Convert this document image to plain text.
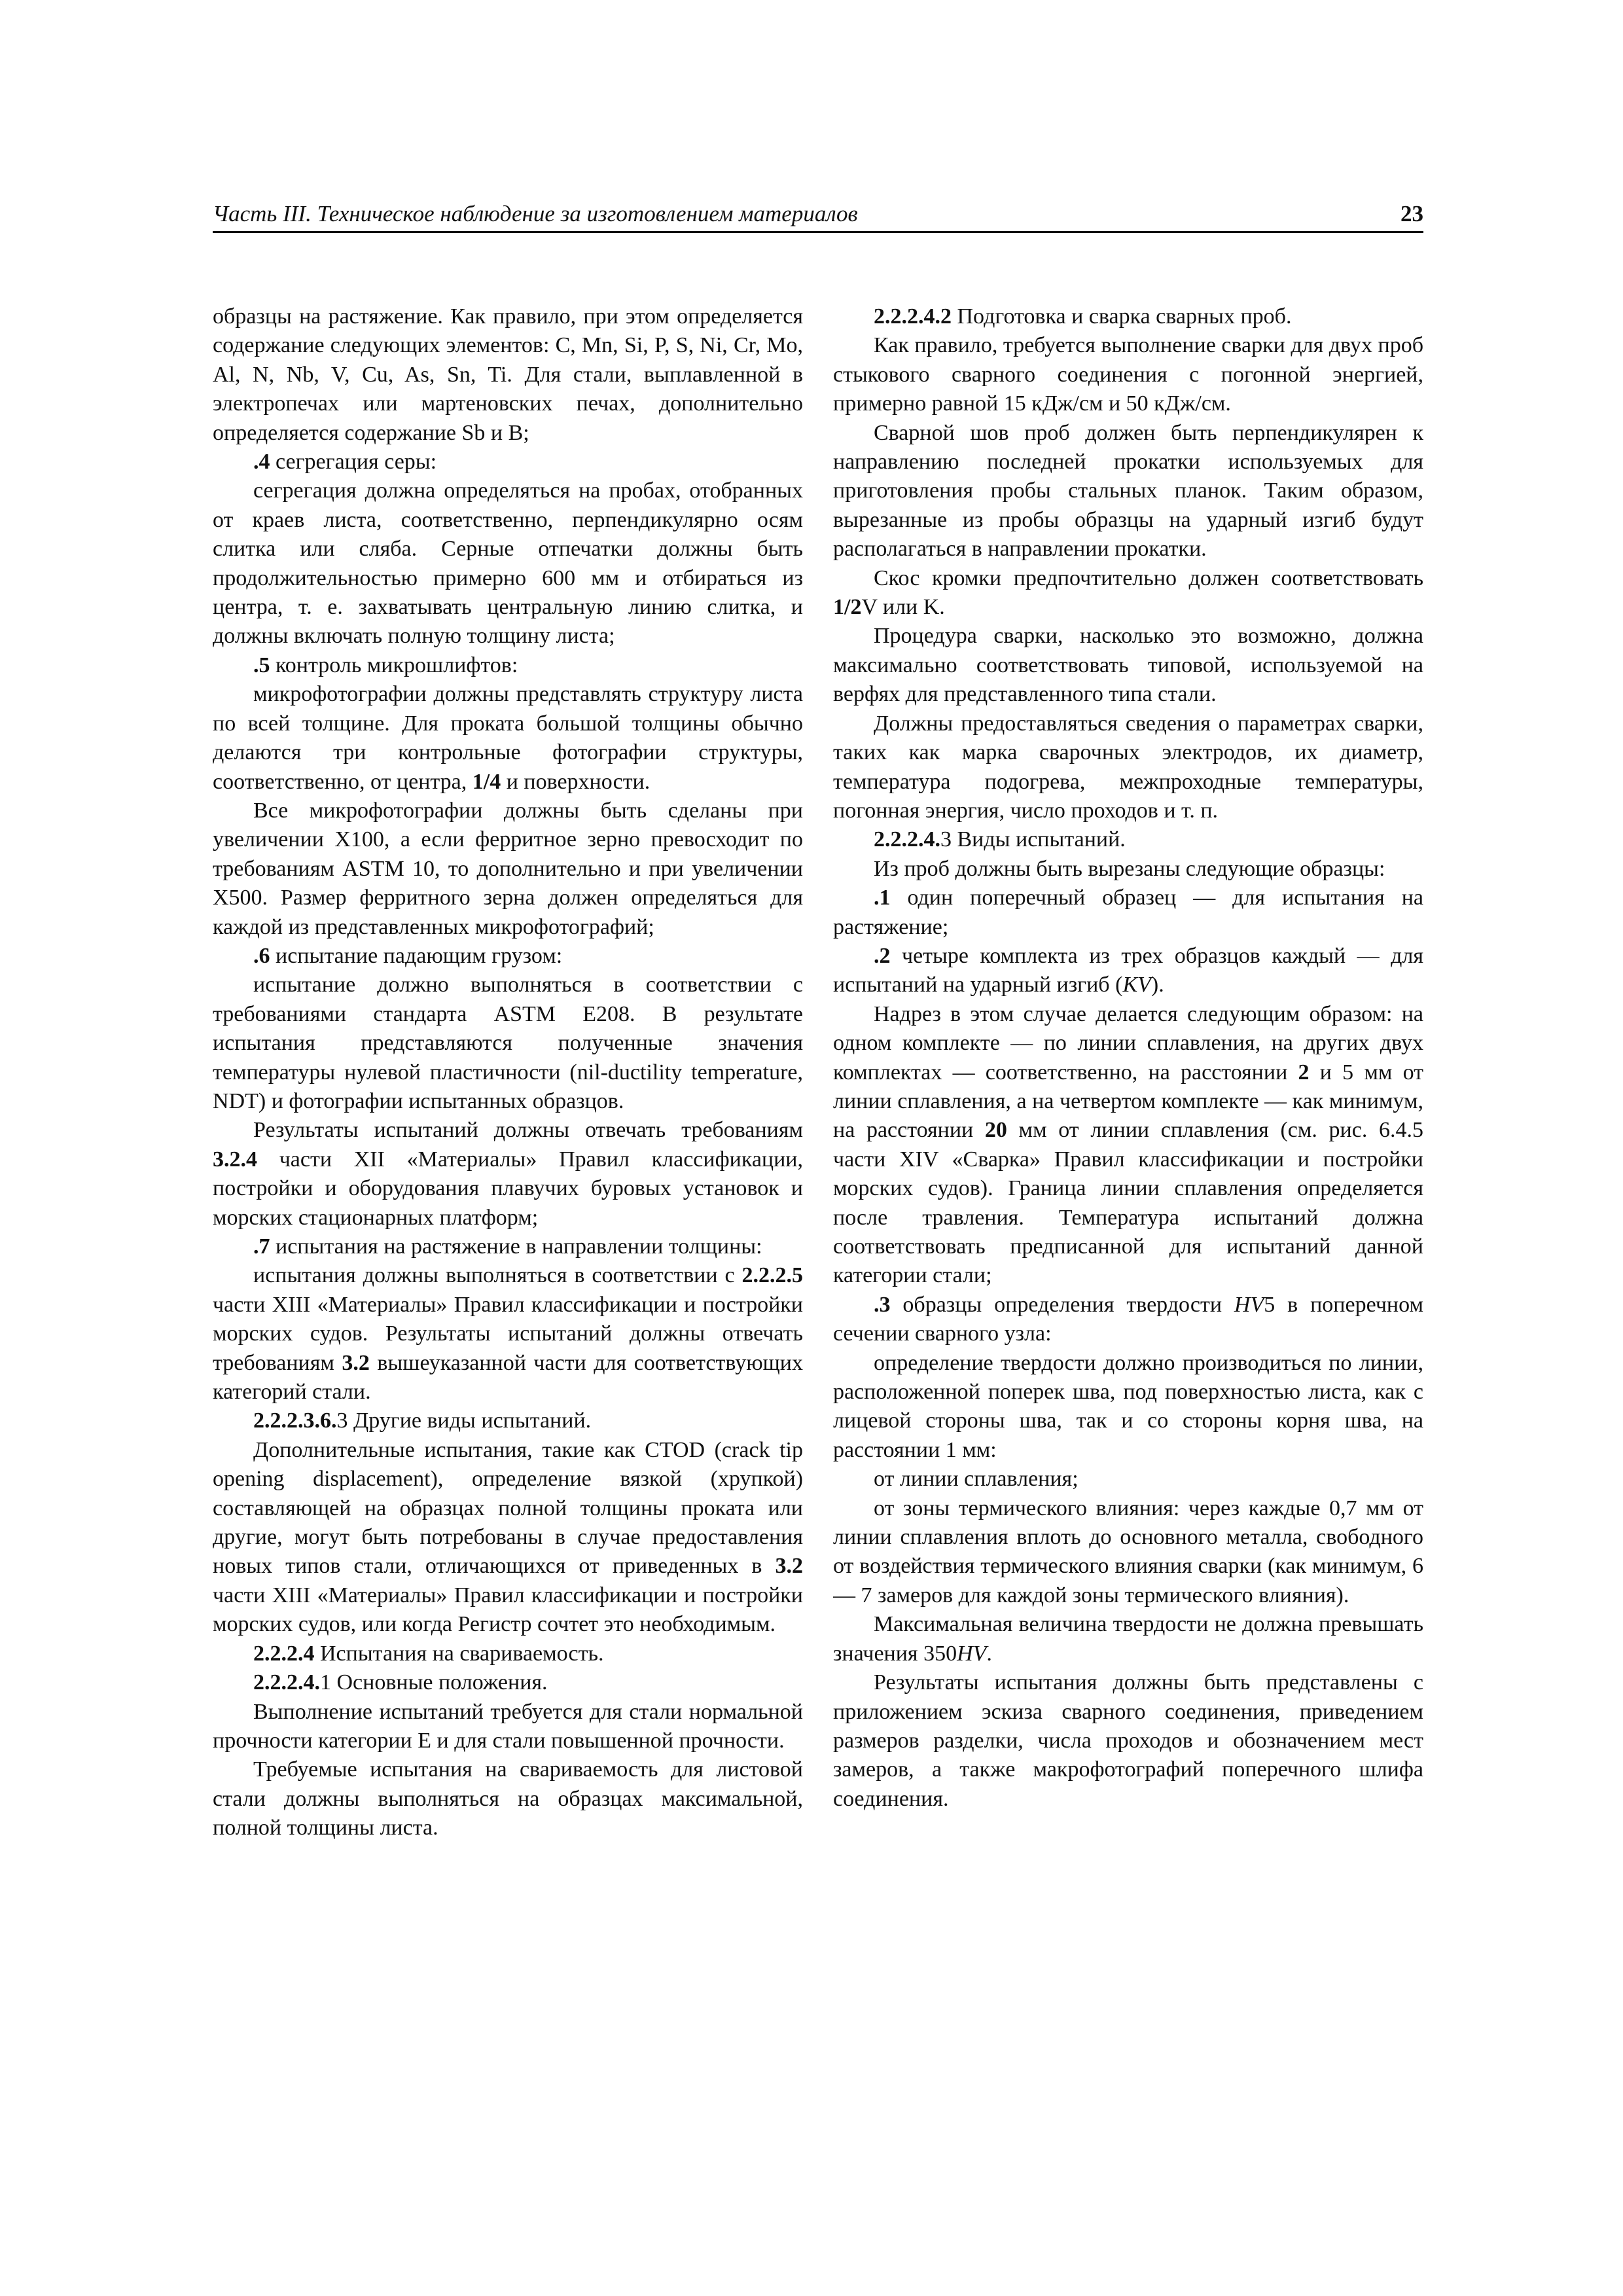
Часть III. Техническое наблюдение за изготовлением материалов	23

образцы на растяжение. Как правило, при этом определяется содержание следующих элементов: C, Mn, Si, P, S, Ni, Cr, Mo, Al, N, Nb, V, Cu, As, Sn, Ti. Для стали, выплавленной в электропечах или мартеновских печах, дополнительно определяется содержание Sb и B;

.4 сегрегация серы:

сегрегация должна определяться на пробах, отобранных от краев листа, соответственно, перпендикулярно осям слитка или сляба. Серные отпечатки должны быть продолжительностью примерно 600 мм и отбираться из центра, т. е. захватывать центральную линию слитка, и должны включать полную толщину листа;

.5 контроль микрошлифтов:

микрофотографии должны представлять структуру листа по всей толщине. Для проката большой толщины обычно делаются три контрольные фотографии структуры, соответственно, от центра, 1/4 и поверхности.

Все микрофотографии должны быть сделаны при увеличении X100, а если ферритное зерно превосходит по требованиям ASTM 10, то дополнительно и при увеличении X500. Размер ферритного зерна должен определяться для каждой из представленных микрофотографий;

.6 испытание падающим грузом:

испытание должно выполняться в соответствии с требованиями стандарта ASTM E208. В результате испытания представляются полученные значения температуры нулевой пластичности (nil-ductility temperature, NDT) и фотографии испытанных образцов.

Результаты испытаний должны отвечать требованиям 3.2.4 части XII «Материалы» Правил классификации, постройки и оборудования плавучих буровых установок и морских стационарных платформ;

.7 испытания на растяжение в направлении толщины:

испытания должны выполняться в соответствии с 2.2.2.5 части XIII «Материалы» Правил классификации и постройки морских судов. Результаты испытаний должны отвечать требованиям 3.2 вышеуказанной части для соответствующих категорий стали.

2.2.2.3.6.3 Другие виды испытаний.

Дополнительные испытания, такие как CTOD (crack tip opening displacement), определение вязкой (хрупкой) составляющей на образцах полной толщины проката или другие, могут быть потребованы в случае предоставления новых типов стали, отличающихся от приведенных в 3.2 части XIII «Материалы» Правил классификации и постройки морских судов, или когда Регистр сочтет это необходимым.

2.2.2.4 Испытания на свариваемость.

2.2.2.4.1 Основные положения.

Выполнение испытаний требуется для стали нормальной прочности категории E и для стали повышенной прочности.

Требуемые испытания на свариваемость для листовой стали должны выполняться на образцах максимальной, полной толщины листа.

2.2.2.4.2 Подготовка и сварка сварных проб.

Как правило, требуется выполнение сварки для двух проб стыкового сварного соединения с погонной энергией, примерно равной 15 кДж/см и 50 кДж/см.

Сварной шов проб должен быть перпендикулярен к направлению последней прокатки используемых для приготовления пробы стальных планок. Таким образом, вырезанные из пробы образцы на ударный изгиб будут располагаться в направлении прокатки.

Скос кромки предпочтительно должен соответствовать 1/2V или K.

Процедура сварки, насколько это возможно, должна максимально соответствовать типовой, используемой на верфях для представленного типа стали.

Должны предоставляться сведения о параметрах сварки, таких как марка сварочных электродов, их диаметр, температура подогрева, межпроходные температуры, погонная энергия, число проходов и т. п.

2.2.2.4.3 Виды испытаний.

Из проб должны быть вырезаны следующие образцы:

.1 один поперечный образец — для испытания на растяжение;

.2 четыре комплекта из трех образцов каждый — для испытаний на ударный изгиб (KV).

Надрез в этом случае делается следующим образом: на одном комплекте — по линии сплавления, на других двух комплектах — соответственно, на расстоянии 2 и 5 мм от линии сплавления, а на четвертом комплекте — как минимум, на расстоянии 20 мм от линии сплавления (см. рис. 6.4.5 части XIV «Сварка» Правил классификации и постройки морских судов). Граница линии сплавления определяется после травления. Температура испытаний должна соответствовать предписанной для испытаний данной категории стали;

.3 образцы определения твердости HV5 в поперечном сечении сварного узла:

определение твердости должно производиться по линии, расположенной поперек шва, под поверхностью листа, как с лицевой стороны шва, так и со стороны корня шва, на расстоянии 1 мм:

от линии сплавления;

от зоны термического влияния: через каждые 0,7 мм от линии сплавления вплоть до основного металла, свободного от воздействия термического влияния сварки (как минимум, 6 — 7 замеров для каждой зоны термического влияния).

Максимальная величина твердости не должна превышать значения 350HV.

Результаты испытания должны быть представлены с приложением эскиза сварного соединения, приведением размеров разделки, числа проходов и обозначением мест замеров, а также макрофотографий поперечного шлифа соединения.
